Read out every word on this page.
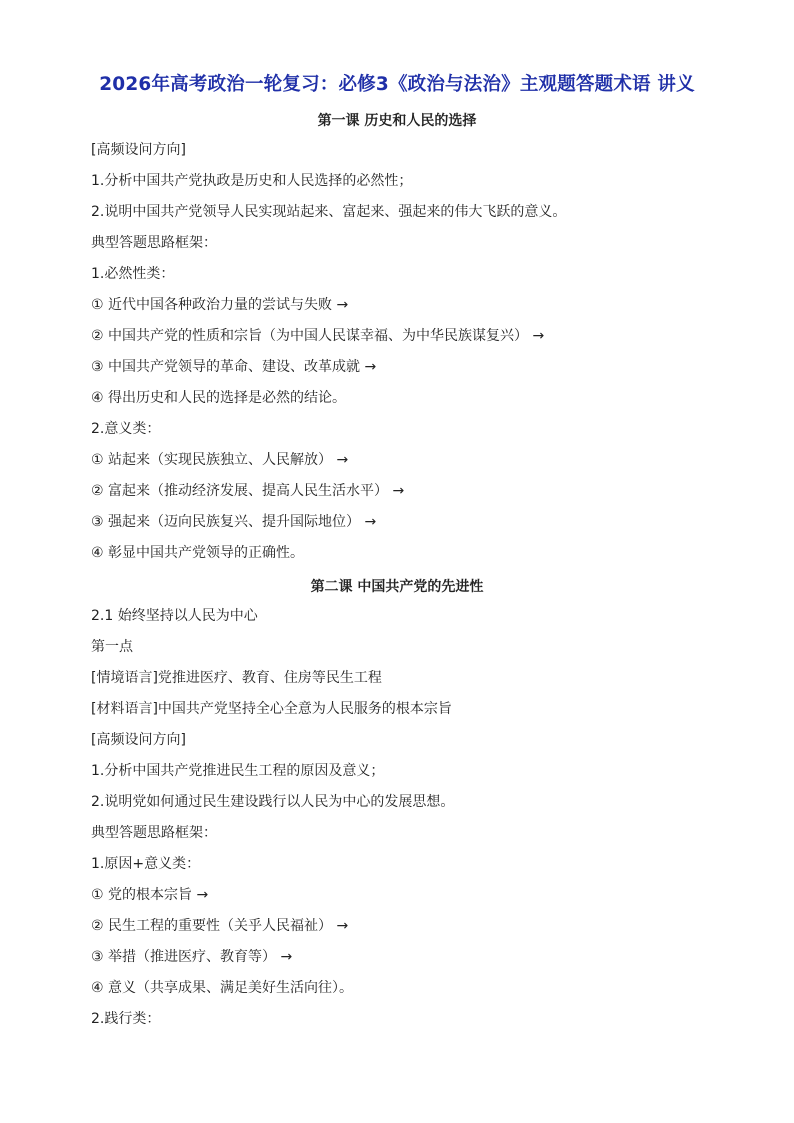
2026年高考政治一轮复习：必修3《政治与法治》主观题答题术语 讲义
第一课 历史和人民的选择
[高频设问方向]
1.分析中国共产党执政是历史和人民选择的必然性；
2.说明中国共产党领导人民实现站起来、富起来、强起来的伟大飞跃的意义。
典型答题思路框架：
1.必然性类：
① 近代中国各种政治力量的尝试与失败 →
② 中国共产党的性质和宗旨（为中国人民谋幸福、为中华民族谋复兴） →
③ 中国共产党领导的革命、建设、改革成就 →
④ 得出历史和人民的选择是必然的结论。
2.意义类：
① 站起来（实现民族独立、人民解放） →
② 富起来（推动经济发展、提高人民生活水平） →
③ 强起来（迈向民族复兴、提升国际地位） →
④ 彰显中国共产党领导的正确性。
第二课 中国共产党的先进性
2.1 始终坚持以人民为中心
第一点
[情境语言]党推进医疗、教育、住房等民生工程
[材料语言]中国共产党坚持全心全意为人民服务的根本宗旨
[高频设问方向]
1.分析中国共产党推进民生工程的原因及意义；
2.说明党如何通过民生建设践行以人民为中心的发展思想。
典型答题思路框架：
1.原因+意义类：
① 党的根本宗旨 →
② 民生工程的重要性（关乎人民福祉） →
③ 举措（推进医疗、教育等） →
④ 意义（共享成果、满足美好生活向往）。
2.践行类：
